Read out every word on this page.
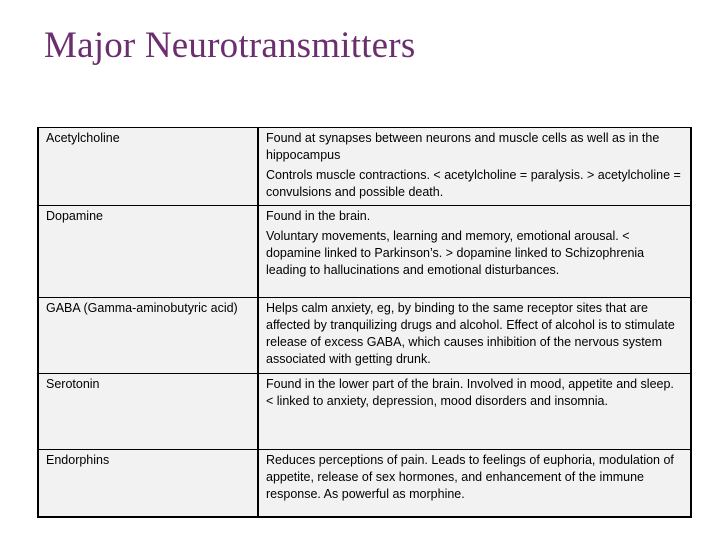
Major Neurotransmitters

Acetylcholine	Found at synapses between neurons and muscle cells as well as in the hippocampus

Controls muscle contractions. < acetylcholine = paralysis. > acetylcholine = convulsions and possible death.

Dopamine	Found in the brain.

Voluntary movements, learning and memory, emotional arousal. < dopamine linked to Parkinson’s. > dopamine linked to Schizophrenia leading to hallucinations and emotional disturbances.

GABA (Gamma-aminobutyric acid)	Helps calm anxiety, eg, by binding to the same receptor sites that are affected by tranquilizing drugs and alcohol. Effect of alcohol is to stimulate release of excess GABA, which causes inhibition of the nervous system associated with getting drunk.

Serotonin	Found in the lower part of the brain. Involved in mood, appetite and sleep. < linked to anxiety, depression, mood disorders and insomnia.

Endorphins	Reduces perceptions of pain. Leads to feelings of euphoria, modulation of appetite, release of sex hormones, and enhancement of the immune response. As powerful as morphine.
